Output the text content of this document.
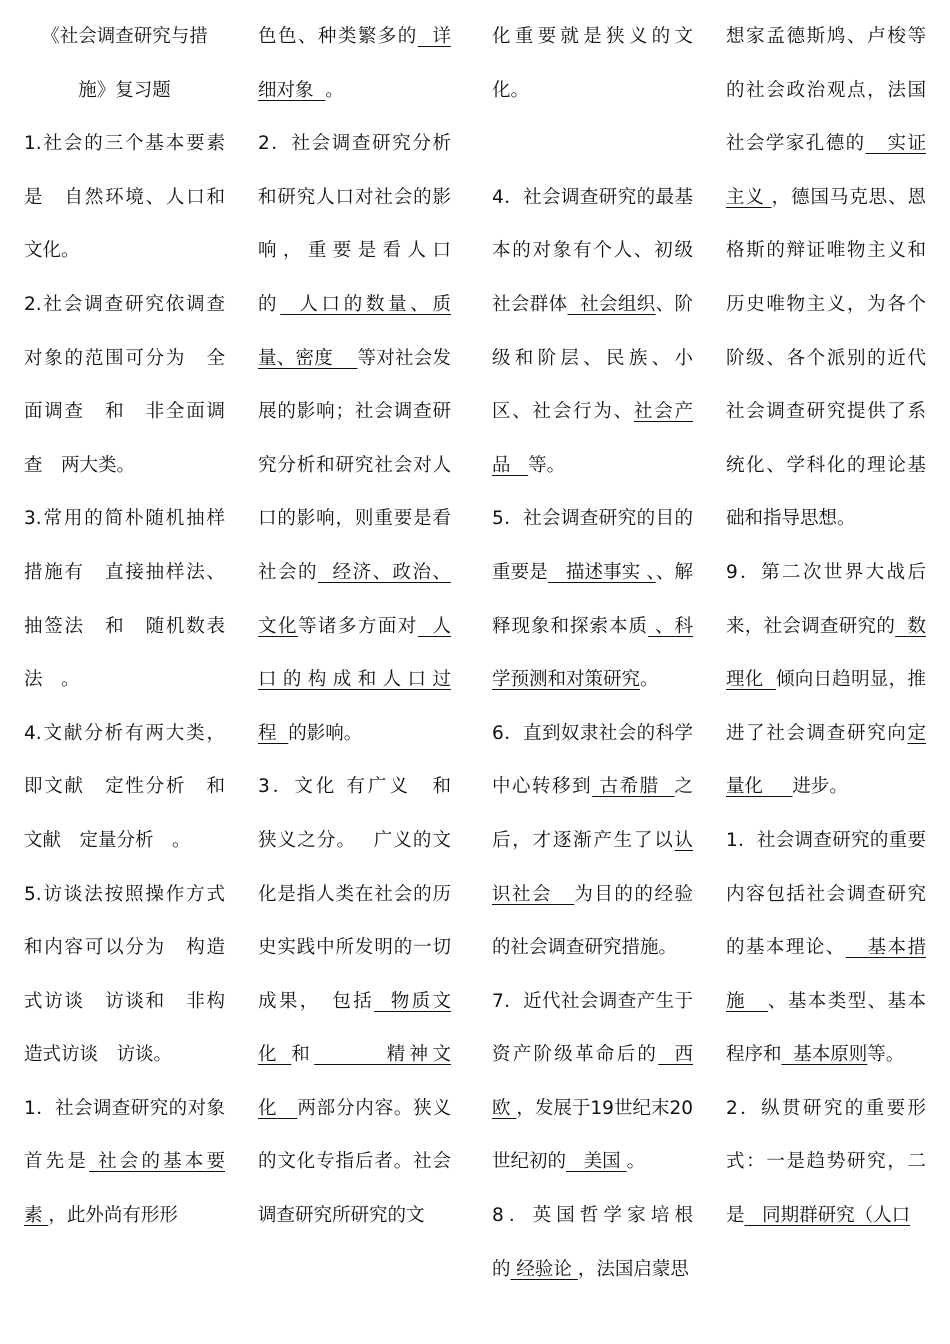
《社会调查研究与措
施》复习题
1.社会的三个基本要素是　自然环境、人口和文化。
2.社会调查研究依调查对象的范围可分为　全面调查　和　非全面调查　两大类。
3.常用的简朴随机抽样措施有　直接抽样法、抽签法　和　随机数表法　。
4.文献分析有两大类，即文献　定性分析　和　文献　定量分析　。
5.访谈法按照操作方式和内容可以分为　构造式访谈　访谈和　非构造式访谈　访谈。
1．社会调查研究的对象首先是 社会的基本要素 ，此外尚有形形
色色、种类繁多的 详细对象 。
2．社会调查研究分析和研究人口对社会的影响，重要是看人口的 人口的数量、质量、密度 等对社会发展的影响；社会调查研究分析和研究社会对人口的影响，则重要是看社会的 经济、政治、文化等诸多方面对 人口的构成和人口过程 的影响。
3．文化 有广义　和　狭义之分。　 广义的文化是指人类在社会的历史实践中所发明的一切成果，　包括 物质文化 和	精神文化 两部分内容。狭义的文化专指后者。社会调查研究所研究的文
化重要就是狭义的文化。
4．社会调查研究的最基本的对象有个人、初级社会群体 社会组织、阶级和阶层、民族、小区、社会行为、社会产品 等。
5．社会调查研究的目的重要是 描述事实 、、解释现象和探索本质 、科学预测和对策研究。
6．直到奴隶社会的科学中心转移到 古希腊 之后，才逐渐产生了以认识社会 为目的的经验的社会调查研究措施。
7．近代社会调查产生于资产阶级革命后的 西欧 ，发展于19世纪末20世纪初的 美国 。
8．英国哲学家培根的 经验论 ，法国启蒙思
想家孟德斯鸠、卢梭等的社会政治观点，法国社会学家孔德的 实证主义 ，德国马克思、恩格斯的辩证唯物主义和历史唯物主义，为各个阶级、各个派别的近代社会调查研究提供了系统化、学科化的理论基础和指导思想。
9．第二次世界大战后来，社会调查研究的 数理化 倾向日趋明显，推进了社会调查研究向定量化 进步。
1．社会调查研究的重要内容包括社会调查研究的基本理论、 基本措施 、基本类型、基本程序和 基本原则等。
2．纵贯研究的重要形式：一是趋势研究，二是 同期群研究（人口
